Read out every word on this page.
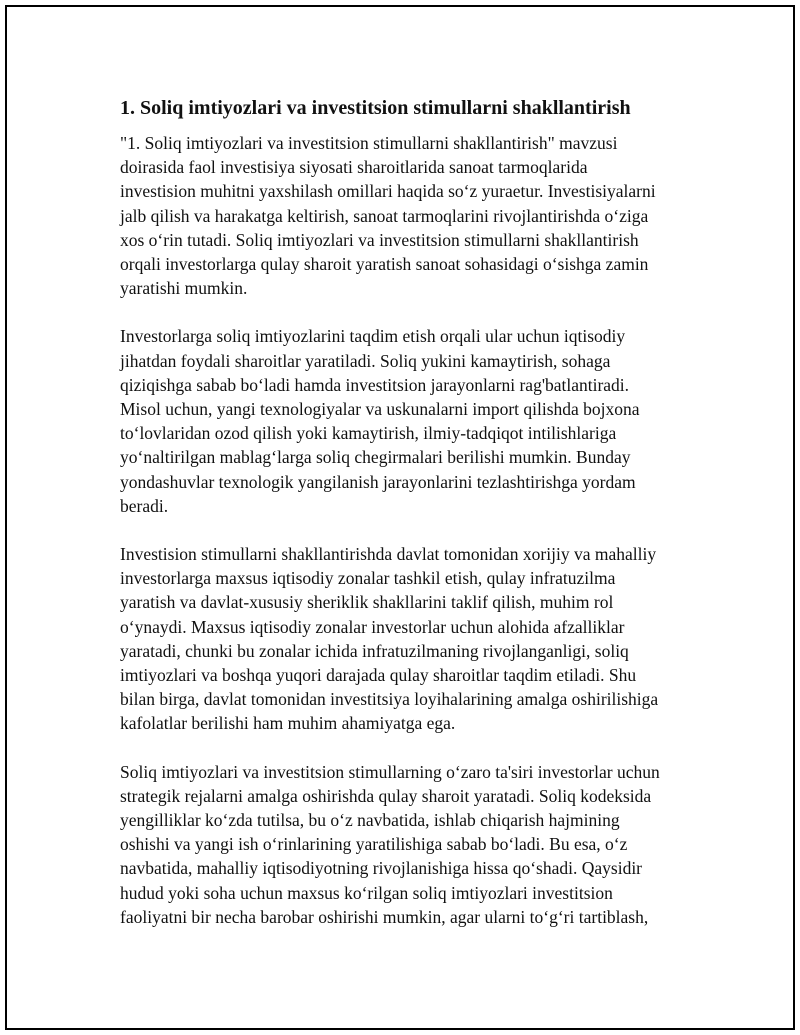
1. Soliq imtiyozlari va investitsion stimullarni shakllantirish
"1. Soliq imtiyozlari va investitsion stimullarni shakllantirish" mavzusi
doirasida faol investisiya siyosati sharoitlarida sanoat tarmoqlarida
investision muhitni yaxshilash omillari haqida so‘z yuraetur. Investisiyalarni
jalb qilish va harakatga keltirish, sanoat tarmoqlarini rivojlantirishda o‘ziga
xos o‘rin tutadi. Soliq imtiyozlari va investitsion stimullarni shakllantirish
orqali investorlarga qulay sharoit yaratish sanoat sohasidagi o‘sishga zamin
yaratishi mumkin.
Investorlarga soliq imtiyozlarini taqdim etish orqali ular uchun iqtisodiy
jihatdan foydali sharoitlar yaratiladi. Soliq yukini kamaytirish, sohaga
qiziqishga sabab bo‘ladi hamda investitsion jarayonlarni rag'batlantiradi.
Misol uchun, yangi texnologiyalar va uskunalarni import qilishda bojxona
to‘lovlaridan ozod qilish yoki kamaytirish, ilmiy-tadqiqot intilishlariga
yo‘naltirilgan mablag‘larga soliq chegirmalari berilishi mumkin. Bunday
yondashuvlar texnologik yangilanish jarayonlarini tezlashtirishga yordam
beradi.
Investision stimullarni shakllantirishda davlat tomonidan xorijiy va mahalliy
investorlarga maxsus iqtisodiy zonalar tashkil etish, qulay infratuzilma
yaratish va davlat-xususiy sheriklik shakllarini taklif qilish, muhim rol
o‘ynaydi. Maxsus iqtisodiy zonalar investorlar uchun alohida afzalliklar
yaratadi, chunki bu zonalar ichida infratuzilmaning rivojlanganligi, soliq
imtiyozlari va boshqa yuqori darajada qulay sharoitlar taqdim etiladi. Shu
bilan birga, davlat tomonidan investitsiya loyihalarining amalga oshirilishiga
kafolatlar berilishi ham muhim ahamiyatga ega.
Soliq imtiyozlari va investitsion stimullarning o‘zaro ta'siri investorlar uchun
strategik rejalarni amalga oshirishda qulay sharoit yaratadi. Soliq kodeksida
yengilliklar ko‘zda tutilsa, bu o‘z navbatida, ishlab chiqarish hajmining
oshishi va yangi ish o‘rinlarining yaratilishiga sabab bo‘ladi. Bu esa, o‘z
navbatida, mahalliy iqtisodiyotning rivojlanishiga hissa qo‘shadi. Qaysidir
hudud yoki soha uchun maxsus ko‘rilgan soliq imtiyozlari investitsion
faoliyatni bir necha barobar oshirishi mumkin, agar ularni to‘g‘ri tartiblash,
